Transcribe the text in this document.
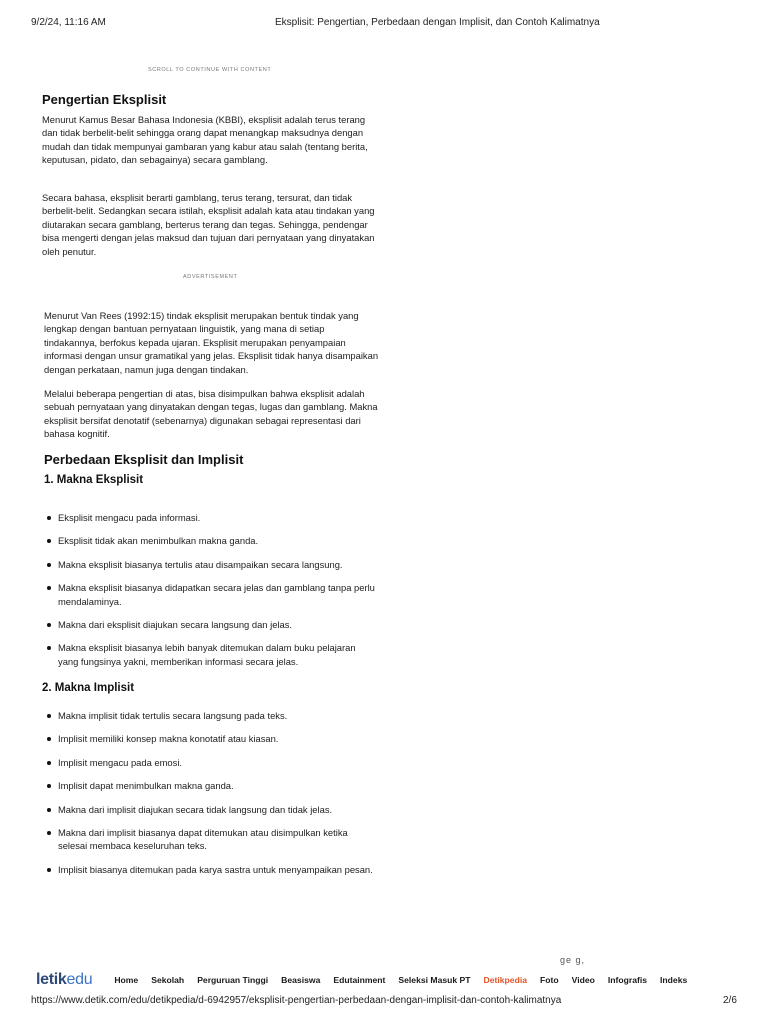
9/2/24, 11:16 AM	Eksplisit: Pengertian, Perbedaan dengan Implisit, dan Contoh Kalimatnya
SCROLL TO CONTINUE WITH CONTENT
Pengertian Eksplisit

Menurut Kamus Besar Bahasa Indonesia (KBBI), eksplisit adalah terus terang dan tidak berbelit-belit sehingga orang dapat menangkap maksudnya dengan mudah dan tidak mempunyai gambaran yang kabur atau salah (tentang berita, keputusan, pidato, dan sebagainya) secara gamblang.

Secara bahasa, eksplisit berarti gamblang, terus terang, tersurat, dan tidak berbelit-belit. Sedangkan secara istilah, eksplisit adalah kata atau tindakan yang diutarakan secara gamblang, berterus terang dan tegas. Sehingga, pendengar bisa mengerti dengan jelas maksud dan tujuan dari pernyataan yang dinyatakan oleh penutur.

ADVERTISEMENT

Menurut Van Rees (1992:15) tindak eksplisit merupakan bentuk tindak yang lengkap dengan bantuan pernyataan linguistik, yang mana di setiap tindakannya, berfokus kepada ujaran. Eksplisit merupakan penyampaian informasi dengan unsur gramatikal yang jelas. Eksplisit tidak hanya disampaikan dengan perkataan, namun juga dengan tindakan.

Melalui beberapa pengertian di atas, bisa disimpulkan bahwa eksplisit adalah sebuah pernyataan yang dinyatakan dengan tegas, lugas dan gamblang. Makna eksplisit bersifat denotatif (sebenarnya) digunakan sebagai representasi dari bahasa kognitif.

Perbedaan Eksplisit dan Implisit
1. Makna Eksplisit
Eksplisit mengacu pada informasi.
Eksplisit tidak akan menimbulkan makna ganda.
Makna eksplisit biasanya tertulis atau disampaikan secara langsung.
Makna eksplisit biasanya didapatkan secara jelas dan gamblang tanpa perlu mendalaminya.
Makna dari eksplisit diajukan secara langsung dan jelas.
Makna eksplisit biasanya lebih banyak ditemukan dalam buku pelajaran yang fungsinya yakni, memberikan informasi secara jelas.
2. Makna Implisit
Makna implisit tidak tertulis secara langsung pada teks.
Implisit memiliki konsep makna konotatif atau kiasan.
Implisit mengacu pada emosi.
Implisit dapat menimbulkan makna ganda.
Makna dari implisit diajukan secara tidak langsung dan tidak jelas.
Makna dari implisit biasanya dapat ditemukan atau disimpulkan ketika selesai membaca keseluruhan teks.
Implisit biasanya ditemukan pada karya sastra untuk menyampaikan pesan.
ge g,
letikedu	Home Sekolah Perguruan Tinggi Beasiswa Edutainment Seleksi Masuk PT Detikpedia Foto Video Infografis Indeks
https://www.detik.com/edu/detikpedia/d-6942957/eksplisit-pengertian-perbedaan-dengan-implisit-dan-contoh-kalimatnya	2/6
